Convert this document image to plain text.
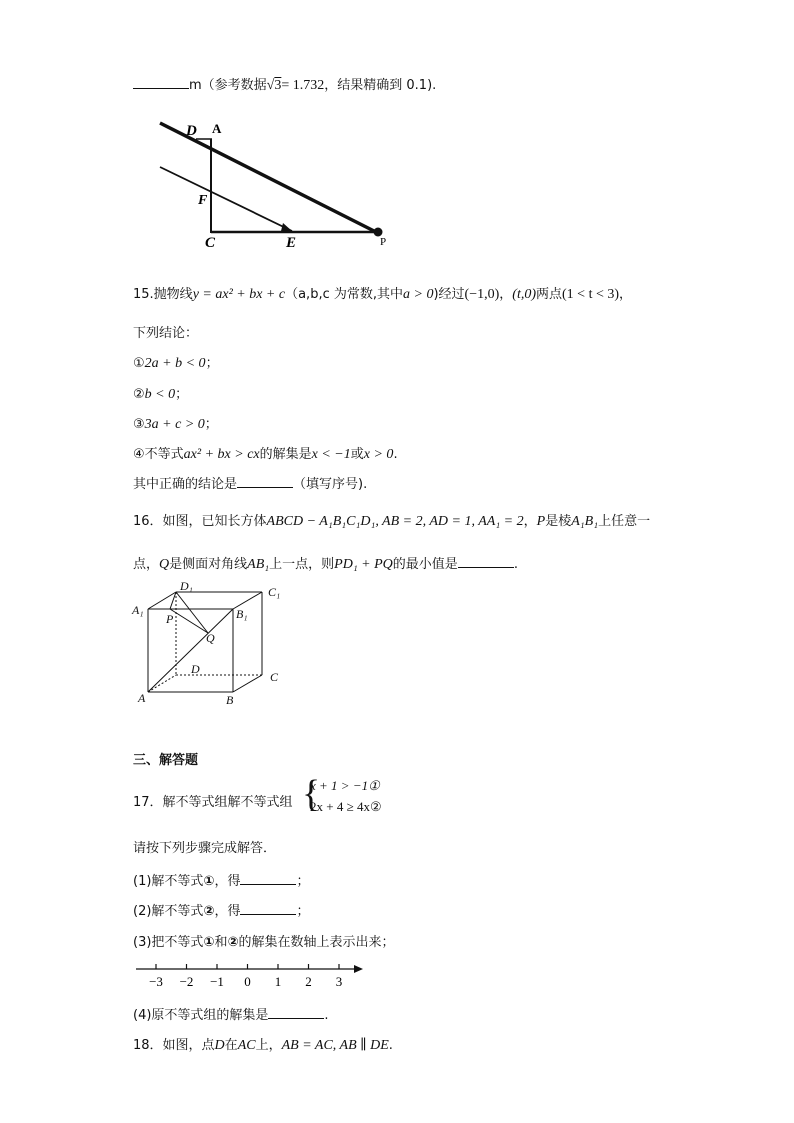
m（参考数据√3= 1.732，结果精确到 0.1).
D A
F
C	E	P
15.抛物线y = ax² + bx + c（a,b,c 为常数,其中a > 0)经过(−1,0)，(t,0)两点(1 < t < 3)，
下列结论：
①2a + b < 0；
②b < 0；
③3a + c > 0；
④不等式ax² + bx > cx的解集是x < −1或x > 0.
其中正确的结论是	（填写序号).
16．如图，已知长方体ABCD − A₁B₁C₁D₁, AB = 2, AD = 1, AA₁ = 2，P是棱A₁B₁上任意一
点，Q是侧面对角线AB₁上一点，则PD₁ + PQ的最小值是	.
D₁	C₁
A₁
P	B₁
Q
D
C
A	B
三、解答题
17．解不等式组解不等式组 {
x + 1 > −1①
2x + 4 ≥ 4x②
请按下列步骤完成解答．
(1)解不等式①，得	；
(2)解不等式②，得	；
(3)把不等式①和②的解集在数轴上表示出来；
−3 −2 −1 0 1 2 3
(4)原不等式组的解集是	.
18．如图，点D在AC上，AB = AC, AB ∥ DE.
